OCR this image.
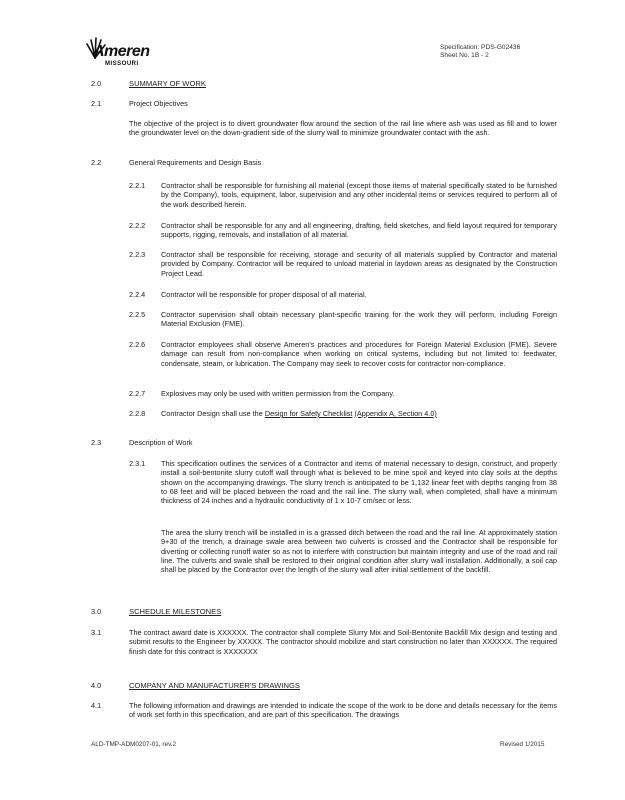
Ameren
MISSOURI
Specification: PDS-G02436
Sheet No. 1B - 2
2.0	SUMMARY OF WORK
2.1	Project Objectives
The objective of the project is to divert groundwater flow around the section of the rail line where ash was used as fill and to lower the groundwater level on the down-gradient side of the slurry wall to minimize groundwater contact with the ash.
2.2	General Requirements and Design Basis
2.2.1 Contractor shall be responsible for furnishing all material (except those items of material specifically stated to be furnished by the Company), tools, equipment, labor, supervision and any other incidental items or services required to perform all of the work described herein.
2.2.2 Contractor shall be responsible for any and all engineering, drafting, field sketches, and field layout required for temporary supports, rigging, removals, and installation of all material.
2.2.3 Contractor shall be responsible for receiving, storage and security of all materials supplied by Contractor and material provided by Company. Contractor will be required to unload material in laydown areas as designated by the Construction Project Lead.
2.2.4 Contractor will be responsible for proper disposal of all material.
2.2.5 Contractor supervision shall obtain necessary plant-specific training for the work they will perform, including Foreign Material Exclusion (FME).
2.2.6 Contractor employees shall observe Ameren's practices and procedures for Foreign Material Exclusion (FME). Severe damage can result from non-compliance when working on critical systems, including but not limited to: feedwater, condensate, steam, or lubrication. The Company may seek to recover costs for contractor non-compliance.
2.2.7 Explosives may only be used with written permission from the Company.
2.2.8 Contractor Design shall use the Design for Safety Checklist (Appendix A, Section 4.0)
2.3	Description of Work
2.3.1 This specification outlines the services of a Contractor and items of material necessary to design, construct, and properly install a soil-bentonite slurry cutoff wall through what is believed to be mine spoil and keyed into clay soils at the depths shown on the accompanying drawings. The slurry trench is anticipated to be 1,132 linear feet with depths ranging from 38 to 68 feet and will be placed between the road and the rail line. The slurry wall, when completed, shall have a minimum thickness of 24 inches and a hydraulic conductivity of 1 x 10-7 cm/sec or less.
The area the slurry trench will be installed in is a grassed ditch between the road and the rail line. At approximately station 9+30 of the trench, a drainage swale area between two culverts is crossed and the Contractor shall be responsible for diverting or collecting runoff water so as not to interfere with construction but maintain integrity and use of the road and rail line. The culverts and swale shall be restored to their original condition after slurry wall installation. Additionally, a soil cap shall be placed by the Contractor over the length of the slurry wall after initial settlement of the backfill.
3.0	SCHEDULE MILESTONES
3.1	The contract award date is XXXXXX. The contractor shall complete Slurry Mix and Soil-Bentonite Backfill Mix design and testing and submit results to the Engineer by XXXXX. The contractor should mobilize and start construction no later than XXXXXX. The required finish date for this contract is XXXXXXX
4.0	COMPANY AND MANUFACTURER'S DRAWINGS
4.1	The following information and drawings are intended to indicate the scope of the work to be done and details necessary for the items of work set forth in this specification, and are part of this specification. The drawings
ALD-TMP-ADM0207-01, rev.2	Revised 1/2015
